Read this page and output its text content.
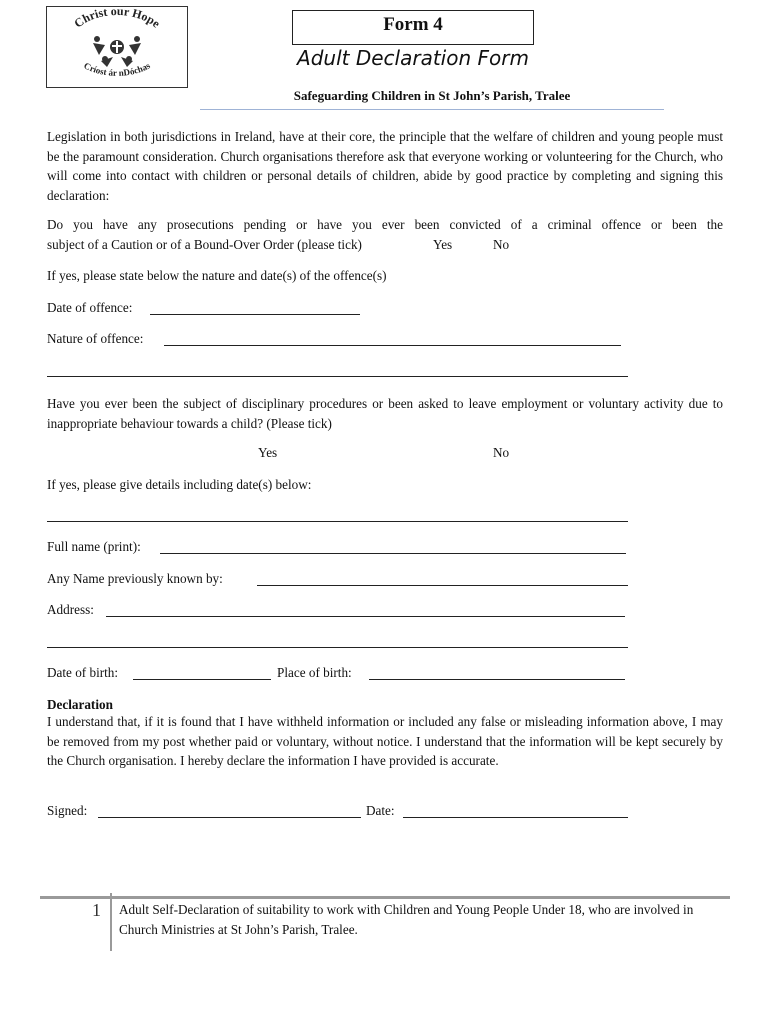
Christ our Hope
Críost ár nDóchas
Form 4
Adult Declaration Form
Safeguarding Children in St John’s Parish, Tralee
Legislation in both jurisdictions in Ireland, have at their core, the principle that the welfare of children and young people must be the paramount consideration. Church organisations therefore ask that everyone working or volunteering for the Church, who will come into contact with children or personal details of children, abide by good practice by completing and signing this declaration:
Do you have any prosecutions pending or have you ever been convicted of a criminal offence or been the
subject of a Caution or of a Bound-Over Order (please tick)	Yes	No
If yes, please state below the nature and date(s) of the offence(s)
Date of offence:
Nature of offence:
Have you ever been the subject of disciplinary procedures or been asked to leave employment or voluntary activity due to inappropriate behaviour towards a child? (Please tick)
Yes	No
If yes, please give details including date(s) below:
Full name (print):
Any Name previously known by:
Address:
Date of birth:	Place of birth:
Declaration
I understand that, if it is found that I have withheld information or included any false or misleading information above, I may be removed from my post whether paid or voluntary, without notice. I understand that the information will be kept securely by the Church organisation. I hereby declare the information I have provided is accurate.
Signed:	Date:
1 Adult Self-Declaration of suitability to work with Children and Young People Under 18, who are involved in Church Ministries at St John’s Parish, Tralee.
